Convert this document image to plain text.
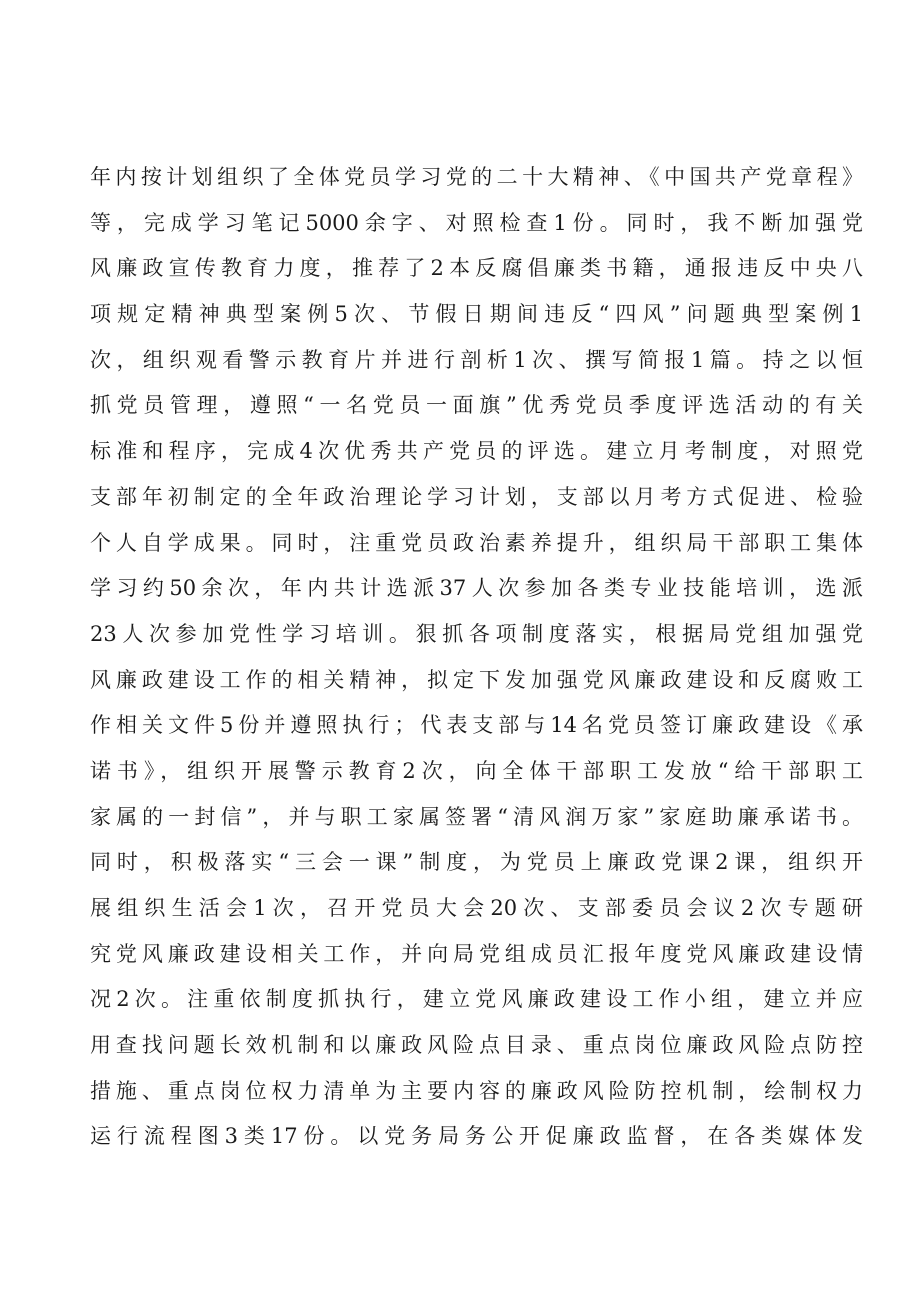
年内按计划组织了全体党员学习党的二十大精神、《中国共产党章程》
等，完成学习笔记5000余字、对照检查1份。同时，我不断加强党
风廉政宣传教育力度，推荐了2本反腐倡廉类书籍，通报违反中央八
项规定精神典型案例5次、节假日期间违反“四风”问题典型案例1
次，组织观看警示教育片并进行剖析1次、撰写简报1篇。持之以恒
抓党员管理，遵照“一名党员一面旗”优秀党员季度评选活动的有关
标准和程序，完成4次优秀共产党员的评选。建立月考制度，对照党
支部年初制定的全年政治理论学习计划，支部以月考方式促进、检验
个人自学成果。同时，注重党员政治素养提升，组织局干部职工集体
学习约50余次，年内共计选派37人次参加各类专业技能培训，选派
23人次参加党性学习培训。狠抓各项制度落实，根据局党组加强党
风廉政建设工作的相关精神，拟定下发加强党风廉政建设和反腐败工
作相关文件5份并遵照执行；代表支部与14名党员签订廉政建设《承
诺书》，组织开展警示教育2次，向全体干部职工发放“给干部职工
家属的一封信”，并与职工家属签署“清风润万家”家庭助廉承诺书。
同时，积极落实“三会一课”制度，为党员上廉政党课2课，组织开
展组织生活会1次，召开党员大会20次、支部委员会议2次专题研
究党风廉政建设相关工作，并向局党组成员汇报年度党风廉政建设情
况2次。注重依制度抓执行，建立党风廉政建设工作小组，建立并应
用查找问题长效机制和以廉政风险点目录、重点岗位廉政风险点防控
措施、重点岗位权力清单为主要内容的廉政风险防控机制，绘制权力
运行流程图3类17份。以党务局务公开促廉政监督，在各类媒体发
